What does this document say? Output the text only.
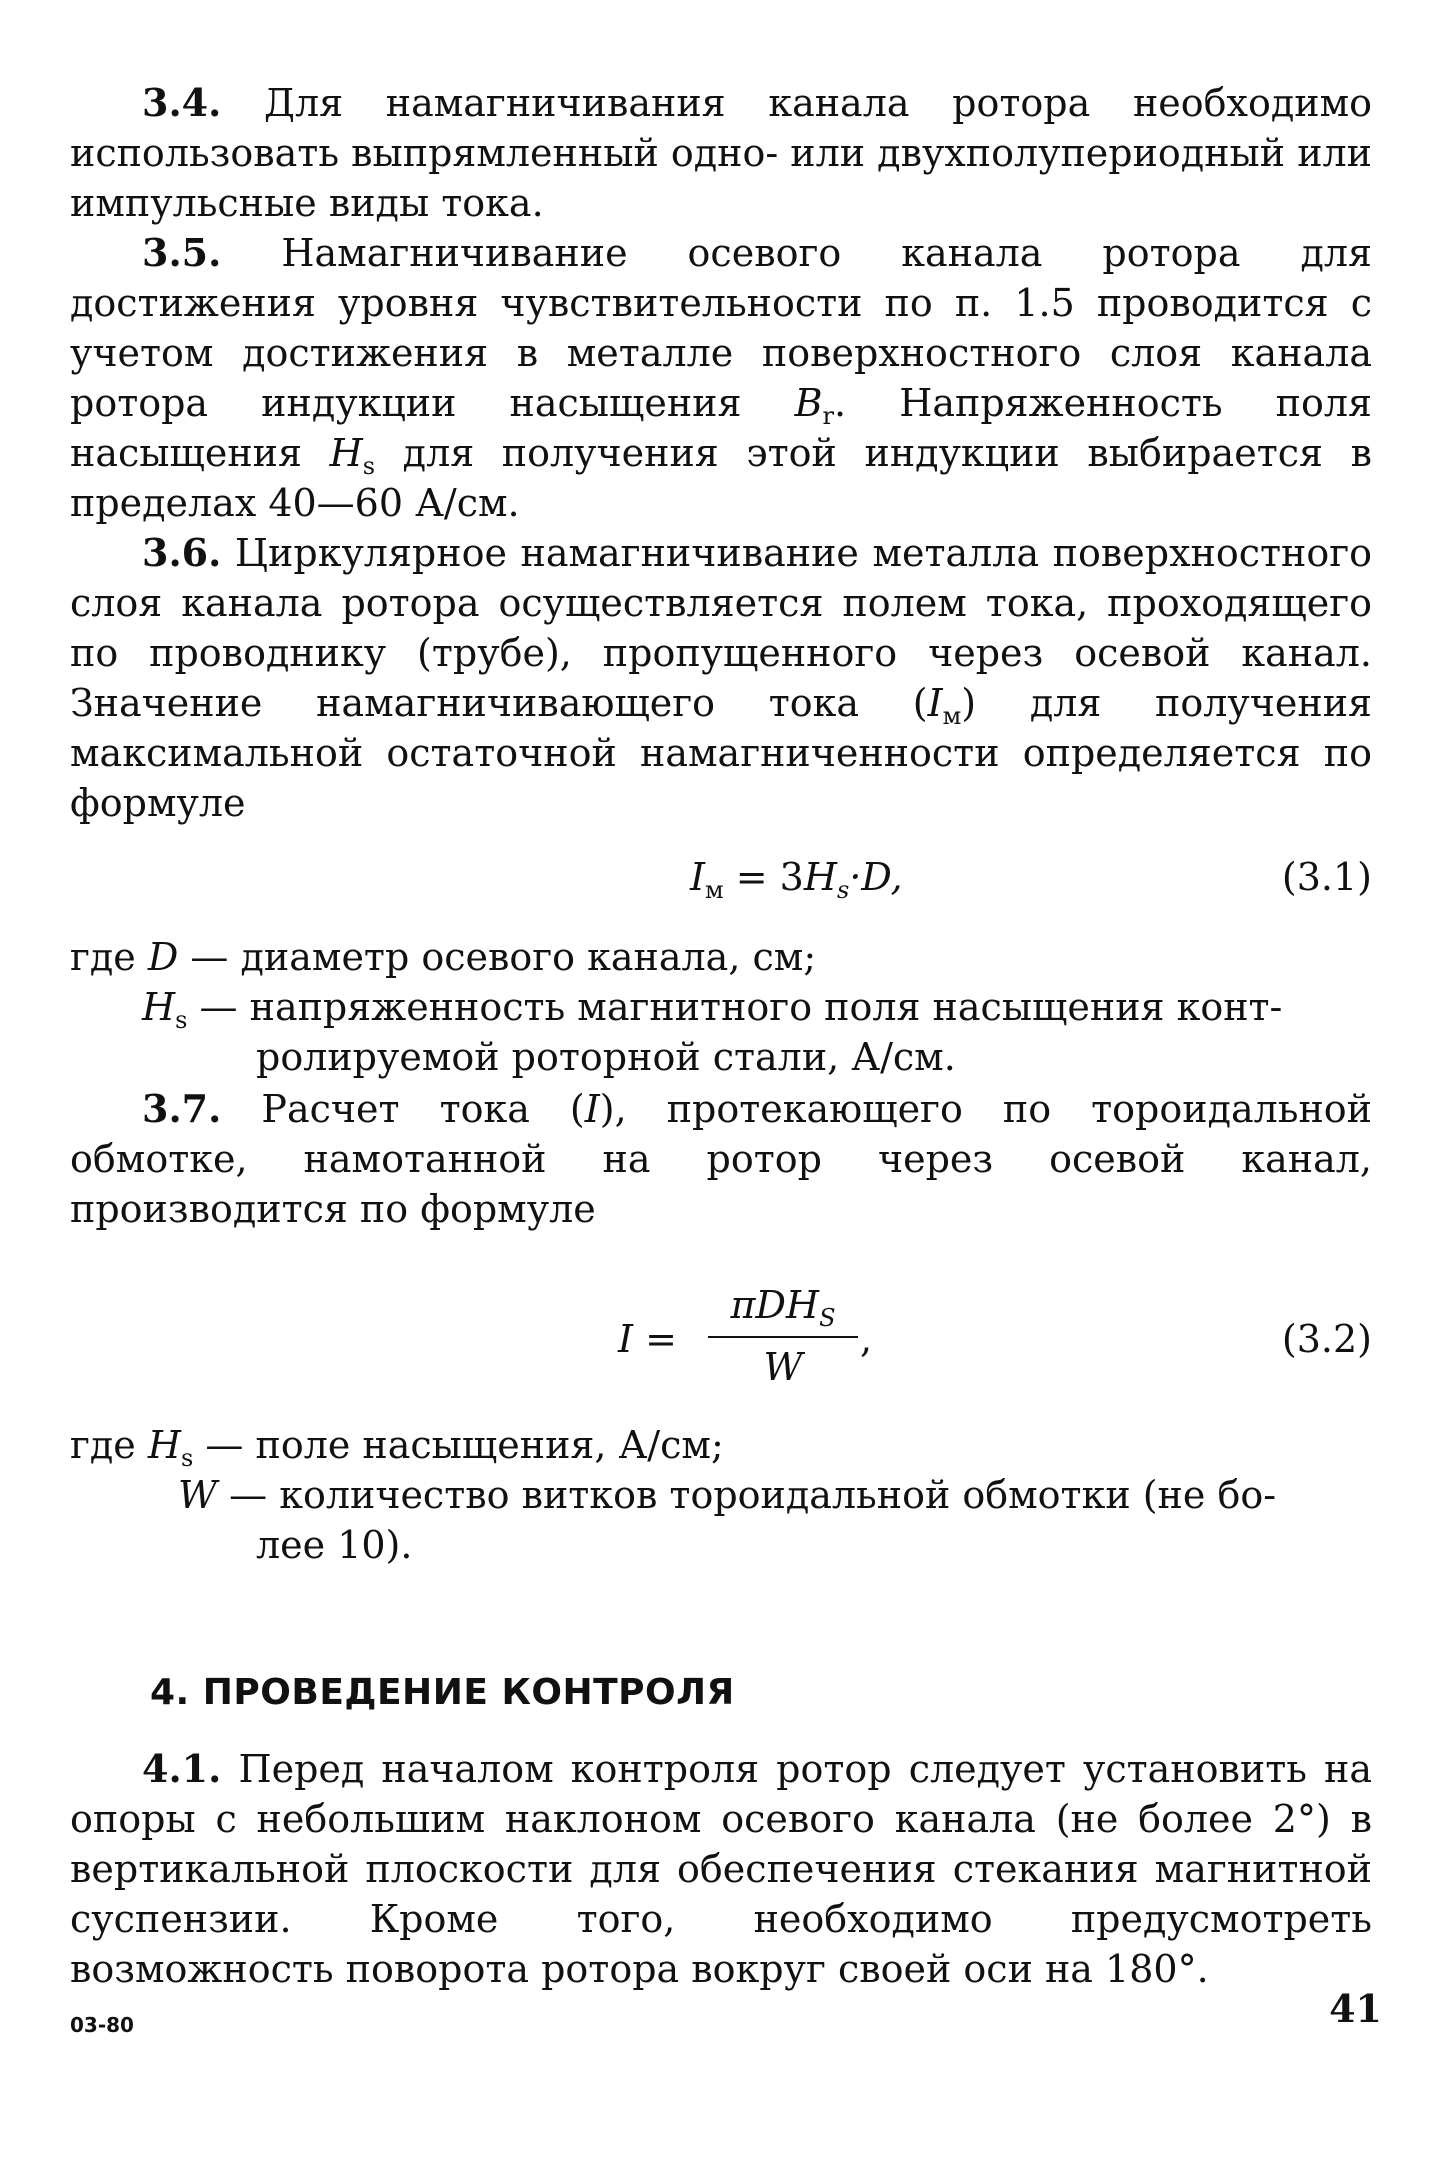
3.4. Для намагничивания канала ротора необходимо использовать выпрямленный одно- или двухполупериодный или импульсные виды тока.

3.5. Намагничивание осевого канала ротора для достижения уровня чувствительности по п. 1.5 проводится с учетом достижения в металле поверхностного слоя канала ротора индукции насыщения $B_r$. Напряженность поля насыщения $H_s$ для получения этой индукции выбирается в пределах 40—60 А/см.

3.6. Циркулярное намагничивание металла поверхностного слоя канала ротора осуществляется полем тока, проходящего по проводнику (трубе), пропущенного через осевой канал. Значение намагничивающего тока $(I_м)$ для получения максимальной остаточной намагниченности определяется по формуле

$I_м = 3H_s\cdot D$,	(3.1)
где D — диаметр осевого канала, см;
$H_s$ — напряженность магнитного поля насыщения конт-
ролируемой роторной стали, А/см.

3.7. Расчет тока (I), протекающего по тороидальной обмотке, намотанной на ротор через осевой канал, производится по формуле

I =
πDH$_S$
W
,	(3.2)
где $H_s$ — поле насыщения, А/см;
W — количество витков тороидальной обмотки (не бо-
лее 10).
4. ПРОВЕДЕНИЕ КОНТРОЛЯ

4.1. Перед началом контроля ротор следует установить на опоры с небольшим наклоном осевого канала (не более 2°) в вертикальной плоскости для обеспечения стекания магнитной суспензии. Кроме того, необходимо предусмотреть возможность поворота ротора вокруг своей оси на 180°.

03-80	41
